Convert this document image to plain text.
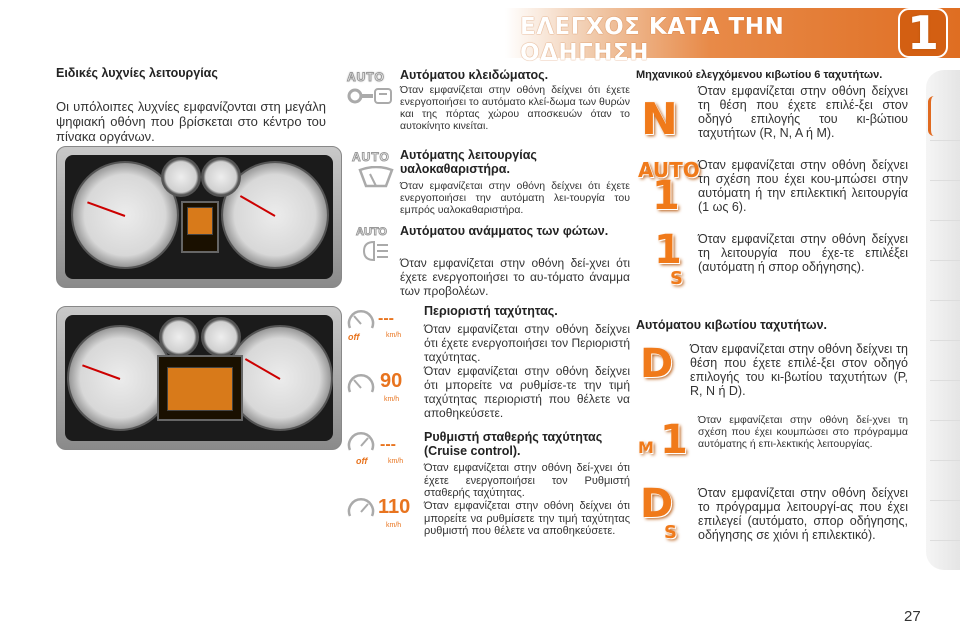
ΕΛΕΓΧΟΣ ΚΑΤΑ ΤΗΝ ΟΔΗΓΗΣΗ	1
Ειδικές λυχνίες λειτουργίας
Οι υπόλοιπες λυχνίες εμφανίζονται στη μεγάλη ψηφιακή οθόνη που βρίσκεται στο κέντρο του πίνακα οργάνων.
AUTO	Αυτόματου κλειδώματος.
Όταν εμφανίζεται στην οθόνη δείχνει ότι έχετε ενεργοποιήσει το αυτόματο κλεί-δωμα των θυρών και της πόρτας χώρου αποσκευών όταν το αυτοκίνητο κινείται.
AUTO Αυτόματης λειτουργίας υαλοκαθαριστήρα.
Όταν εμφανίζεται στην οθόνη δείχνει ότι έχετε ενεργοποιήσει την αυτόματη λει-τουργία του εμπρός υαλοκαθαριστήρα.
AUTO	Αυτόματου ανάμματος των φώτων.
Όταν εμφανίζεται στην οθόνη δεί-χνει ότι έχετε ενεργοποιήσει το αυ-τόματο άναμμα των προβολέων.
off
---
km/h
90
km/h
Περιοριστή ταχύτητας.
Όταν εμφανίζεται στην οθόνη δείχνει ότι έχετε ενεργοποιήσει τον Περιοριστή ταχύτητας.
Όταν εμφανίζεται στην οθόνη δείχνει ότι μπορείτε να ρυθμίσε-τε την τιμή ταχύτητας περιοριστή που θέλετε να αποθηκεύσετε.
off
---
km/h
110
km/h
Ρυθμιστή σταθερής ταχύτητας (Cruise control).
Όταν εμφανίζεται στην οθόνη δεί-χνει ότι έχετε ενεργοποιήσει τον Ρυθμιστή σταθερής ταχύτητας.
Όταν εμφανίζεται στην οθόνη δείχνει ότι μπορείτε να ρυθμίσετε την τιμή ταχύτητας ρυθμιστή που θέλετε να αποθηκεύσετε.
Μηχανικού ελεγχόμενου κιβωτίου 6 ταχυτήτων.
N
Όταν εμφανίζεται στην οθόνη δείχνει τη θέση που έχετε επιλέ-ξει στον οδηγό επιλογής του κι-βώτιου ταχυτήτων (R, N, A ή M).
AUTO
1
Όταν εμφανίζεται στην οθόνη δείχνει τη σχέση που έχει κου-μπώσει στην αυτόματη ή την επιλεκτική λειτουργία (1 ως 6).
1
S
Όταν εμφανίζεται στην οθόνη δείχνει τη λειτουργία που έχε-τε επιλέξει (αυτόματη ή σπορ οδήγησης).
Αυτόματου κιβωτίου ταχυτήτων.
D Όταν εμφανίζεται στην οθόνη δείχνει τη θέση που έχετε επιλέ-ξει στον οδηγό επιλογής του κι-βωτίου ταχυτήτων (P, R, N ή D).
M 1 Όταν εμφανίζεται στην οθόνη δεί-χνει τη σχέση που έχει κουμπώσει στο πρόγραμμα αυτόματης ή επι-λεκτικής λειτουργίας.
D
S
Όταν εμφανίζεται στην οθόνη δείχνει το πρόγραμμα λειτουργί-ας που έχει επιλεγεί (αυτόματο, σπορ οδήγησης, οδήγησης σε χιόνι ή επιλεκτικό).
27
